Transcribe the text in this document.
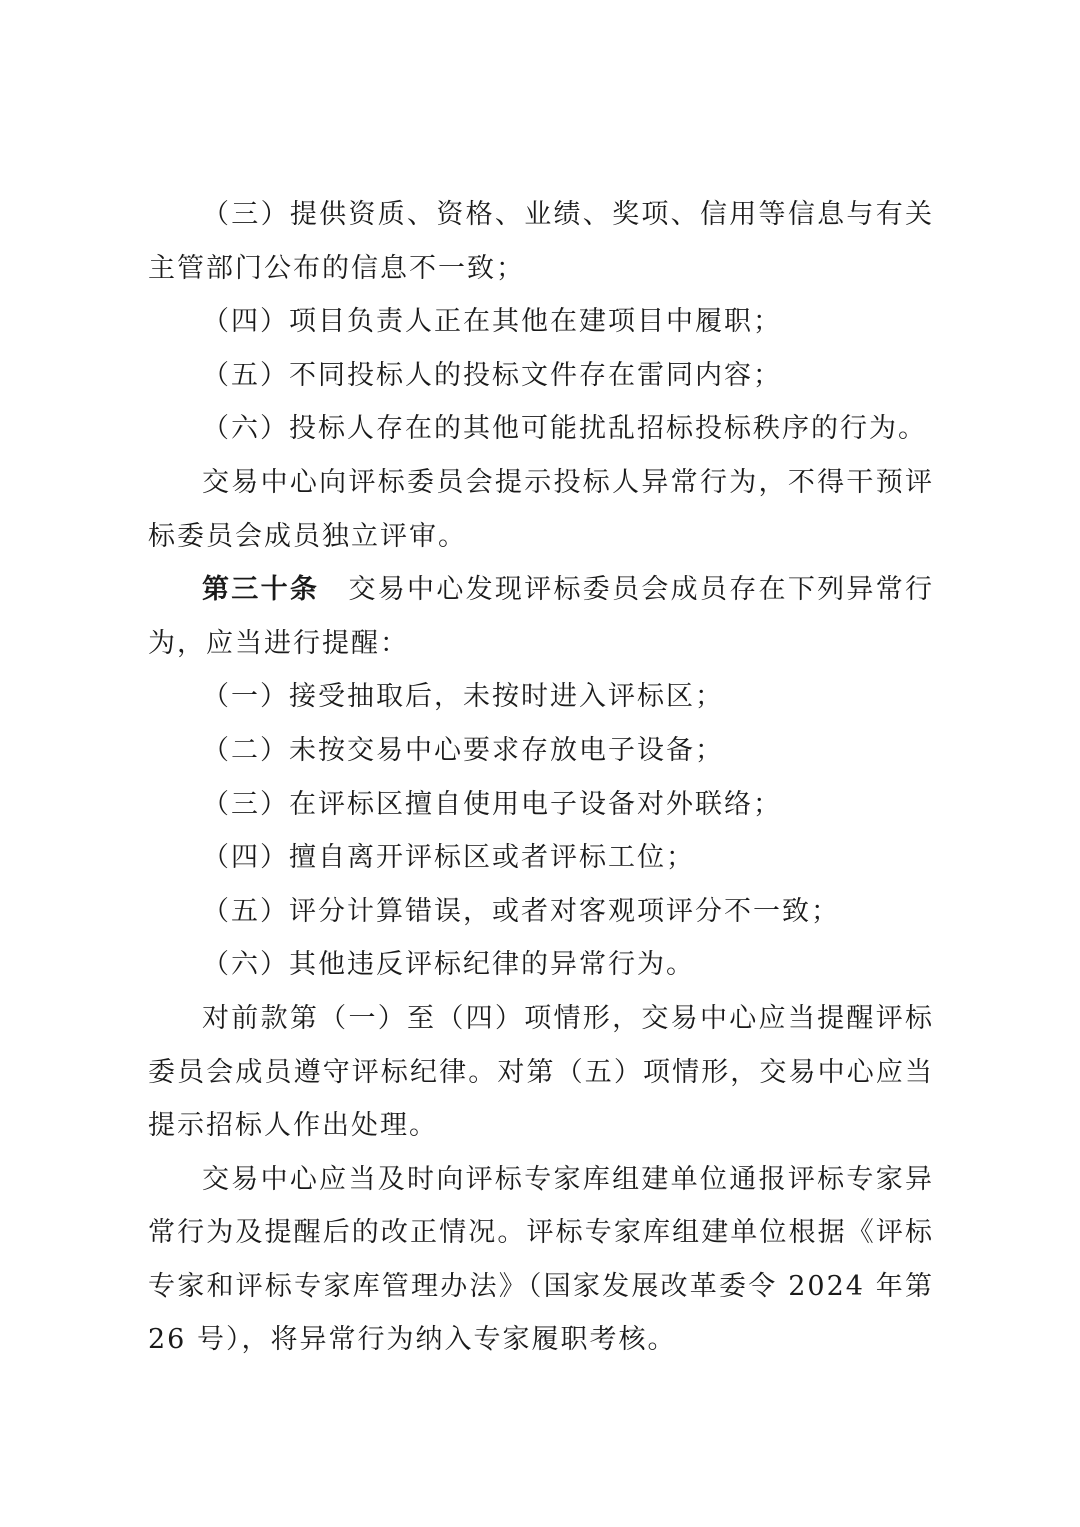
（三）提供资质、资格、业绩、奖项、信用等信息与有关主管部门公布的信息不一致；

（四）项目负责人正在其他在建项目中履职；

（五）不同投标人的投标文件存在雷同内容；

（六）投标人存在的其他可能扰乱招标投标秩序的行为。

交易中心向评标委员会提示投标人异常行为，不得干预评标委员会成员独立评审。

第三十条　交易中心发现评标委员会成员存在下列异常行为，应当进行提醒：

（一）接受抽取后，未按时进入评标区；

（二）未按交易中心要求存放电子设备；

（三）在评标区擅自使用电子设备对外联络；

（四）擅自离开评标区或者评标工位；

（五）评分计算错误，或者对客观项评分不一致；

（六）其他违反评标纪律的异常行为。

对前款第（一）至（四）项情形，交易中心应当提醒评标委员会成员遵守评标纪律。对第（五）项情形，交易中心应当提示招标人作出处理。

交易中心应当及时向评标专家库组建单位通报评标专家异常行为及提醒后的改正情况。评标专家库组建单位根据《评标专家和评标专家库管理办法》（国家发展改革委令 2024 年第 26 号），将异常行为纳入专家履职考核。
